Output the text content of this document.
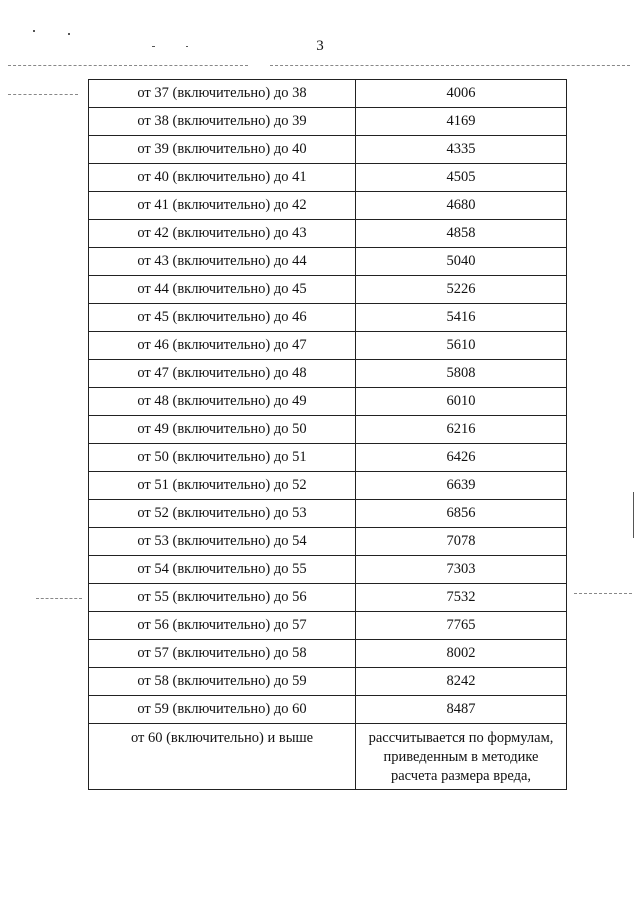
3
от 37 (включительно) до 38	4006
от 38 (включительно) до 39	4169
от 39 (включительно) до 40	4335
от 40 (включительно) до 41	4505
от 41 (включительно) до 42	4680
от 42 (включительно) до 43	4858
от 43 (включительно) до 44	5040
от 44 (включительно) до 45	5226
от 45 (включительно) до 46	5416
от 46 (включительно) до 47	5610
от 47 (включительно) до 48	5808
от 48 (включительно) до 49	6010
от 49 (включительно) до 50	6216
от 50 (включительно) до 51	6426
от 51 (включительно) до 52	6639
от 52 (включительно) до 53	6856
от 53 (включительно) до 54	7078
от 54 (включительно) до 55	7303
от 55 (включительно) до 56	7532
от 56 (включительно) до 57	7765
от 57 (включительно) до 58	8002
от 58 (включительно) до 59	8242
от 59 (включительно) до 60	8487
от 60 (включительно) и выше	рассчитывается по формулам, приведенным в методике расчета размера вреда,
